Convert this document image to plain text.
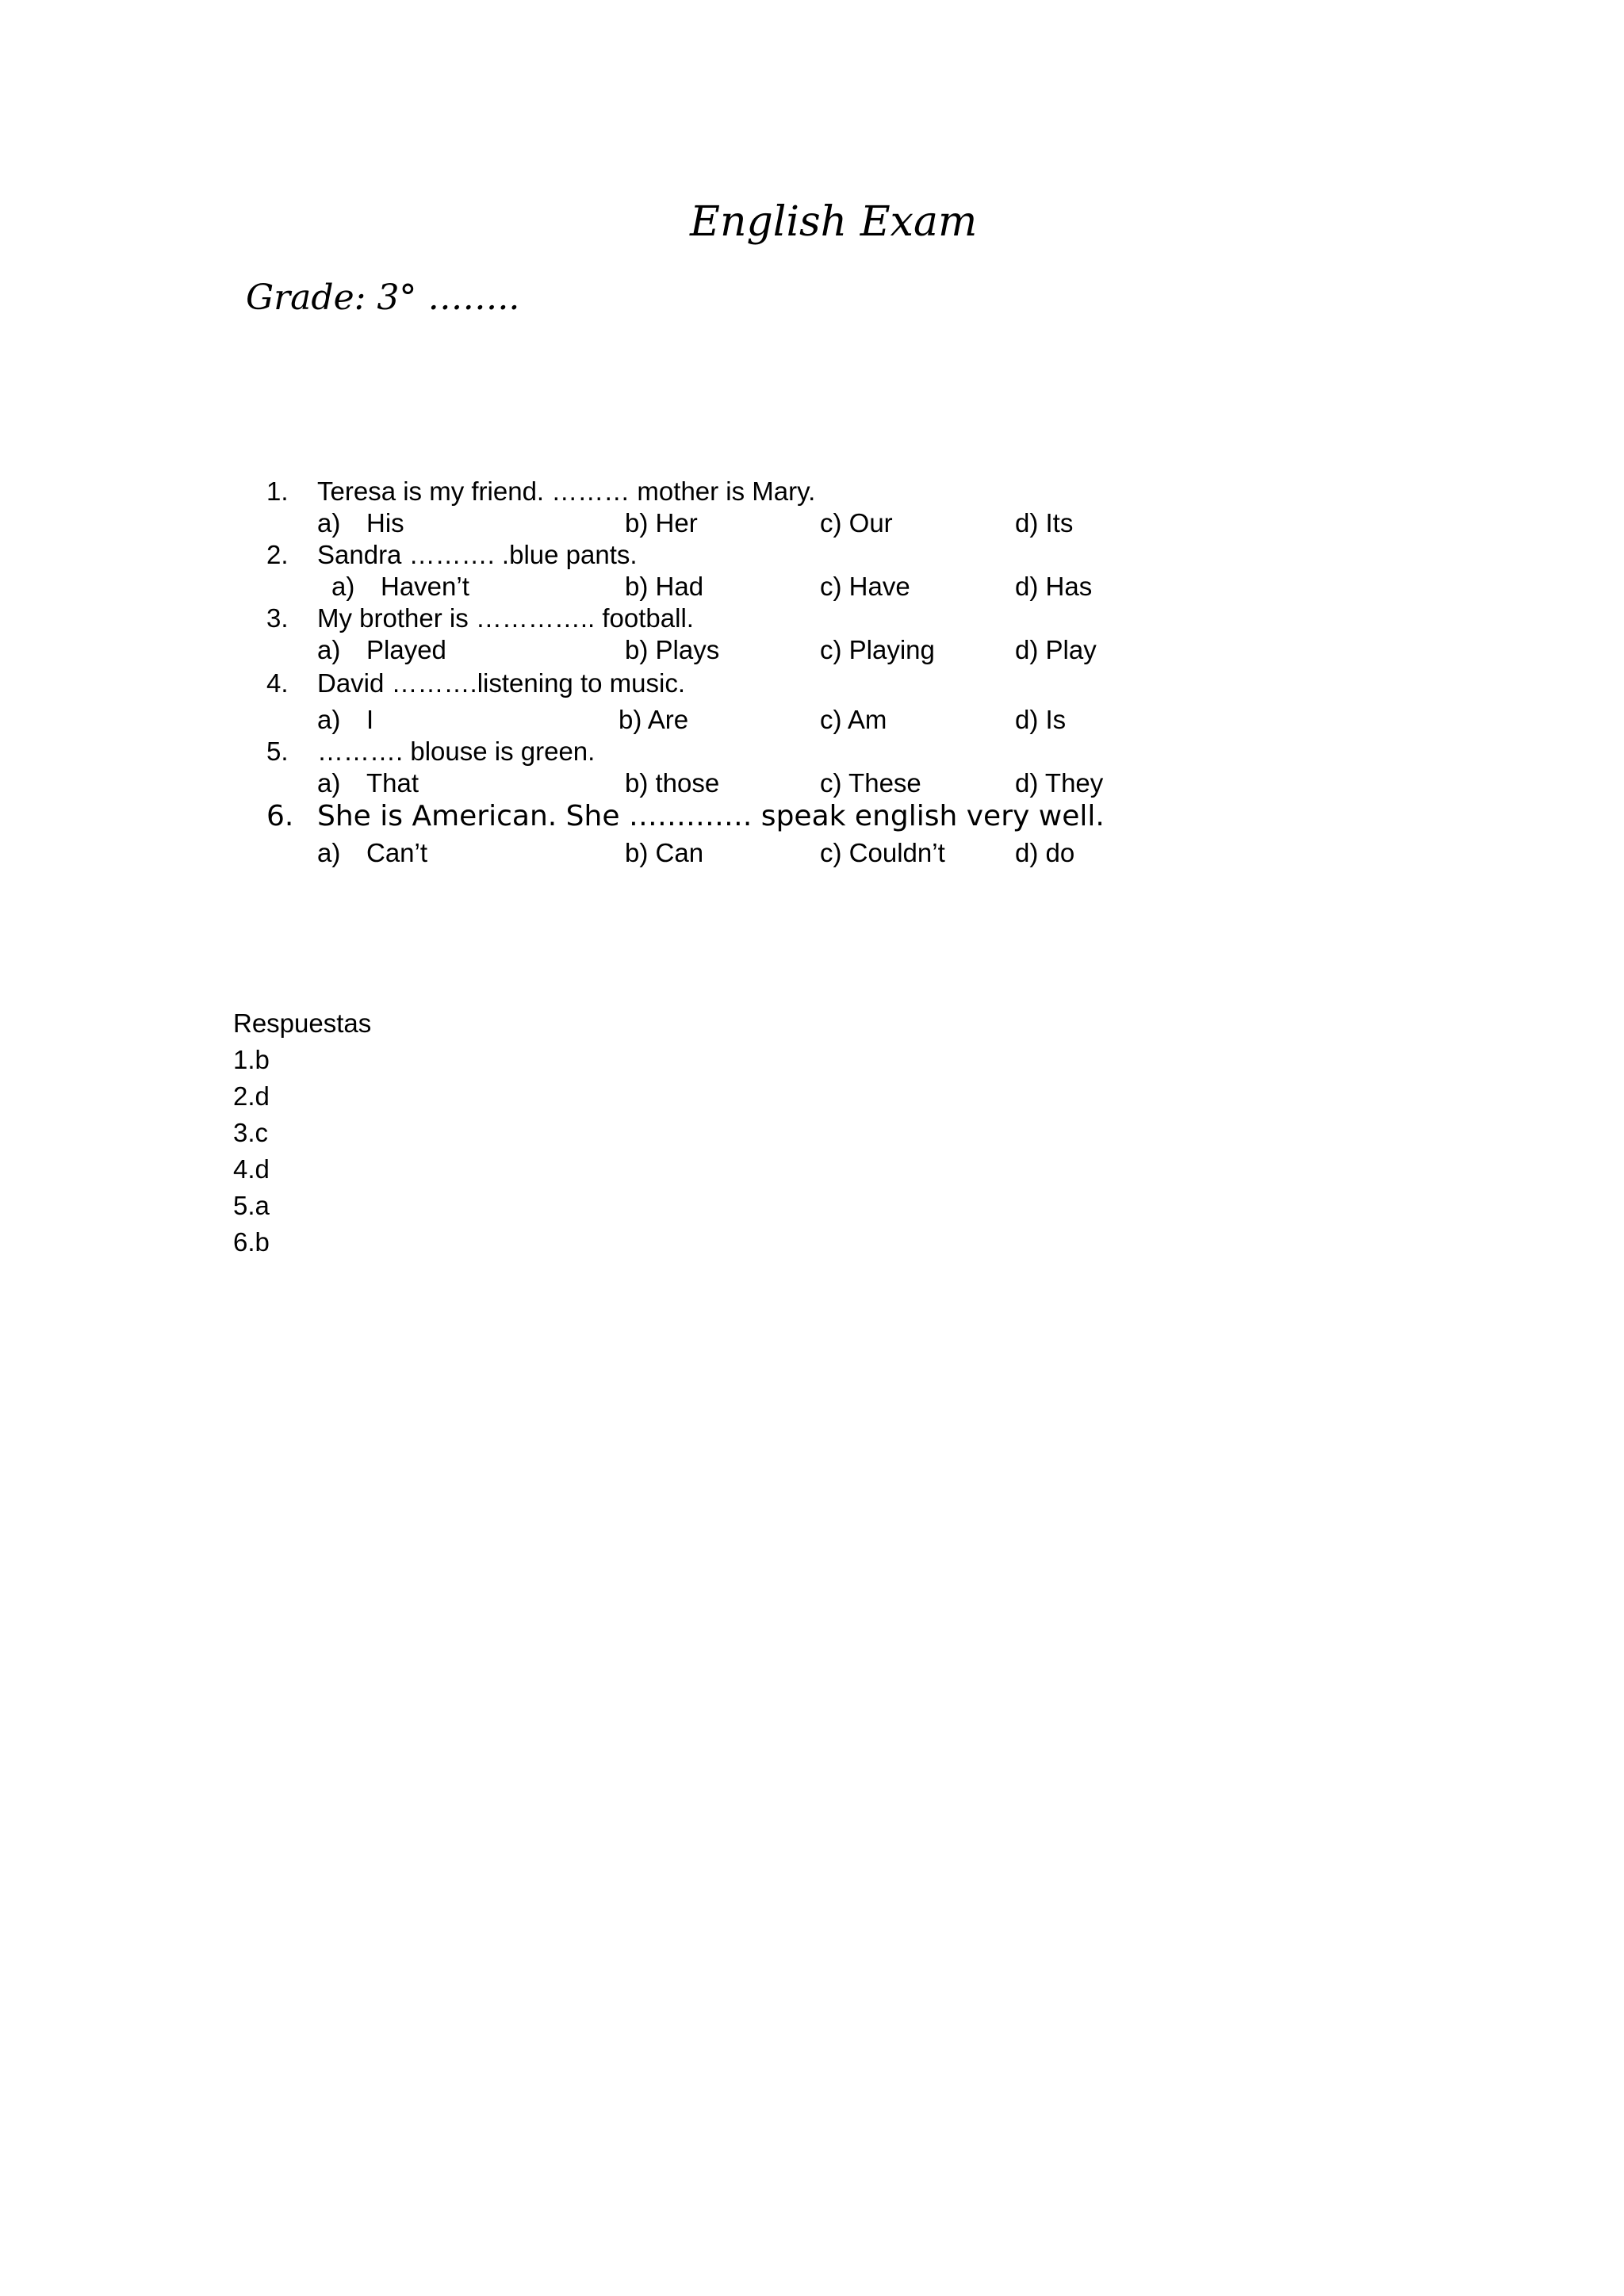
English Exam
Grade: 3° ……..
1. Teresa is my friend. ……… mother is Mary.
a) His	b) Her	c) Our	d) Its
2. Sandra ………. .blue pants.
a) Haven’t	b) Had	c) Have	d) Has
3. My brother is ………….. football.
a) Played	b) Plays	c) Playing	d) Play
4. David ……….listening to music.
a) I	b) Are	c) Am	d) Is
5. ………. blouse is green.
a) That	b) those	c) These	d) They
6. She is American. She …………. speak english very well.
a) Can’t	b) Can	c) Couldn’t	d) do
Respuestas
1.b
2.d
3.c
4.d
5.a
6.b
